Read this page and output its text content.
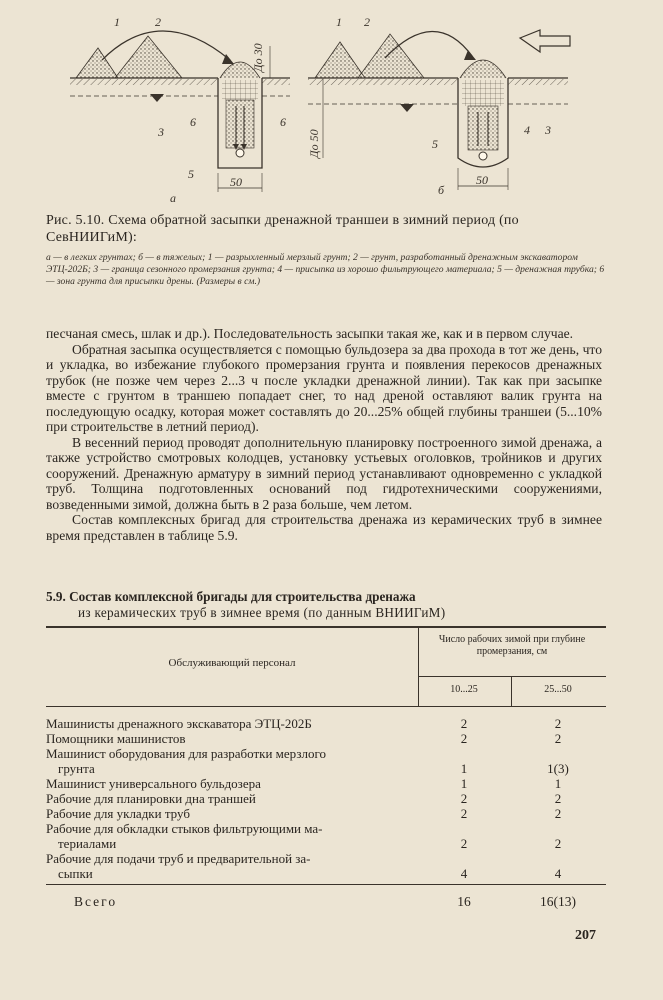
1	2
До 30
6	6
3
5
50
а
1 2
До 50	5
4 3
50
б
Рис. 5.10. Схема обратной засыпки дренажной траншеи в зимний период (по СевНИИГиМ):
а — в легких грунтах; б — в тяжелых; 1 — разрыхленный мерзлый грунт; 2 — грунт, разработанный дренажным экскаватором ЭТЦ-202Б; 3 — граница сезонного промерзания грунта; 4 — присыпка из хорошо фильтрующего материала; 5 — дренажная трубка; 6 — зона грунта для присыпки дрены. (Размеры в см.)

песчаная смесь, шлак и др.). Последовательность засыпки такая же, как и в первом случае.

Обратная засыпка осуществляется с помощью бульдозера за два прохода в тот же день, что и укладка, во избежание глубокого промерзания грунта и появления перекосов дренажных трубок (не позже чем через 2...3 ч после укладки дренажной линии). Так как при засыпке вместе с грунтом в траншею попадает снег, то над дреной оставляют валик грунта на последующую осадку, которая может составлять до 20...25% общей глубины траншеи (5...10% при строительстве в летний период).

В весенний период проводят дополнительную планировку построенного зимой дренажа, а также устройство смотровых колодцев, установку устьевых оголовков, тройников и других сооружений. Дренажную арматуру в зимний период устанавливают одновременно с укладкой труб. Толщина подготовленных оснований под гидротехническими сооружениями, возведенными зимой, должна быть в 2 раза больше, чем летом.

Состав комплексных бригад для строительства дренажа из керамических труб в зимнее время представлен в таблице 5.9.

5.9. Состав комплексной бригады для строительства дренажа
из керамических труб в зимнее время (по данным ВНИИГиМ)
Обслуживающий персонал
Число рабочих зимой при глубине промерзания, см
10...25	25...50
Машинисты дренажного экскаватора ЭТЦ-202Б	2	2
Помощники машинистов	2	2
Машинист оборудования для разработки мерзлого
грунта	1	1(3)
Машинист универсального бульдозера	1	1
Рабочие для планировки дна траншей	2	2
Рабочие для укладки труб	2	2
Рабочие для обкладки стыков фильтрующими ма-
териалами	2	2
Рабочие для подачи труб и предварительной за-
сыпки	4	4
Всего	16	16(13)
207
